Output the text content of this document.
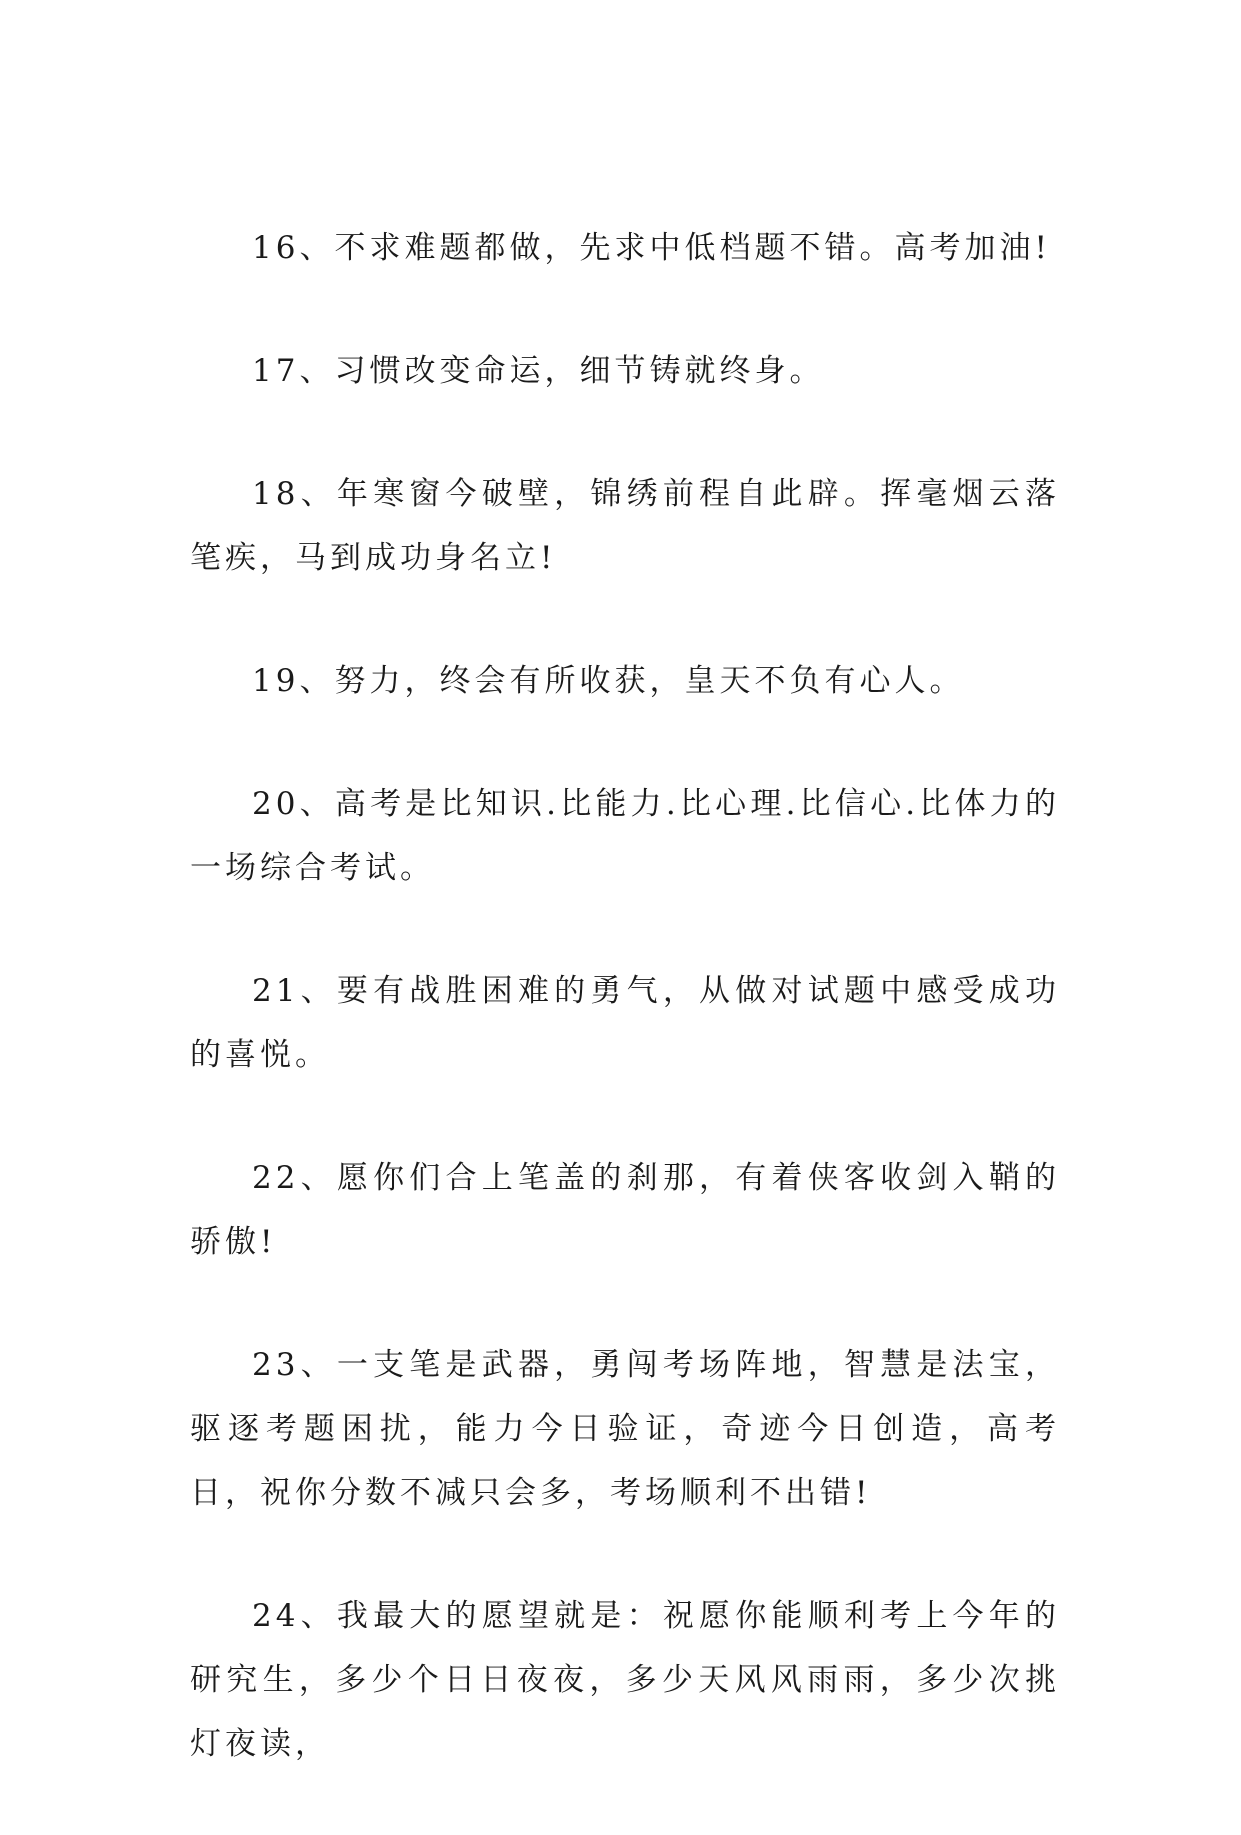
16、不求难题都做，先求中低档题不错。高考加油!

17、习惯改变命运，细节铸就终身。

18、年寒窗今破壁，锦绣前程自此辟。挥毫烟云落笔疾，马到成功身名立!

19、努力，终会有所收获，皇天不负有心人。

20、高考是比知识.比能力.比心理.比信心.比体力的一场综合考试。

21、要有战胜困难的勇气，从做对试题中感受成功的喜悦。

22、愿你们合上笔盖的刹那，有着侠客收剑入鞘的骄傲!

23、一支笔是武器，勇闯考场阵地，智慧是法宝，驱逐考题困扰，能力今日验证，奇迹今日创造，高考日，祝你分数不减只会多，考场顺利不出错!

24、我最大的愿望就是：祝愿你能顺利考上今年的研究生，多少个日日夜夜，多少天风风雨雨，多少次挑灯夜读，
